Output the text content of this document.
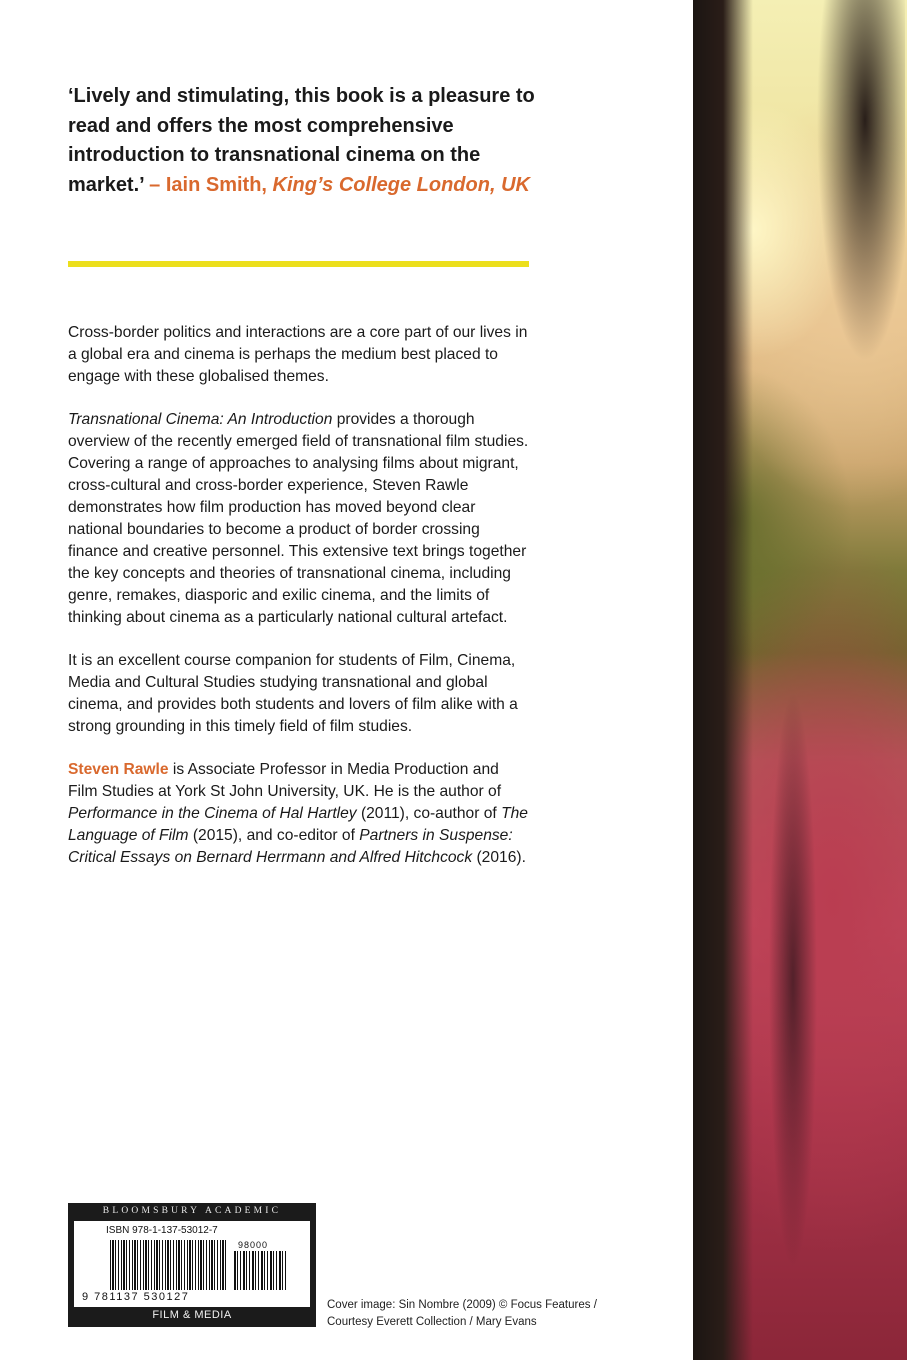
‘Lively and stimulating, this book is a pleasure to read and offers the most comprehensive introduction to transnational cinema on the market.’ – Iain Smith, King’s College London, UK

Cross-border politics and interactions are a core part of our lives in a global era and cinema is perhaps the medium best placed to engage with these globalised themes.

Transnational Cinema: An Introduction provides a thorough overview of the recently emerged field of transnational film studies. Covering a range of approaches to analysing films about migrant, cross-cultural and cross-border experience, Steven Rawle demonstrates how film production has moved beyond clear national boundaries to become a product of border crossing finance and creative personnel. This extensive text brings together the key concepts and theories of transnational cinema, including genre, remakes, diasporic and exilic cinema, and the limits of thinking about cinema as a particularly national cultural artefact.

It is an excellent course companion for students of Film, Cinema, Media and Cultural Studies studying transnational and global cinema, and provides both students and lovers of film alike with a strong grounding in this timely field of film studies.

Steven Rawle is Associate Professor in Media Production and Film Studies at York St John University, UK. He is the author of Performance in the Cinema of Hal Hartley (2011), co-author of The Language of Film (2015), and co-editor of Partners in Suspense: Critical Essays on Bernard Herrmann and Alfred Hitchcock (2016).

BLOOMSBURY ACADEMIC
ISBN 978-1-137-53012-7
98000
9 781137 530127
FILM & MEDIA
Cover image: Sin Nombre (2009) © Focus Features /
Courtesy Everett Collection / Mary Evans
